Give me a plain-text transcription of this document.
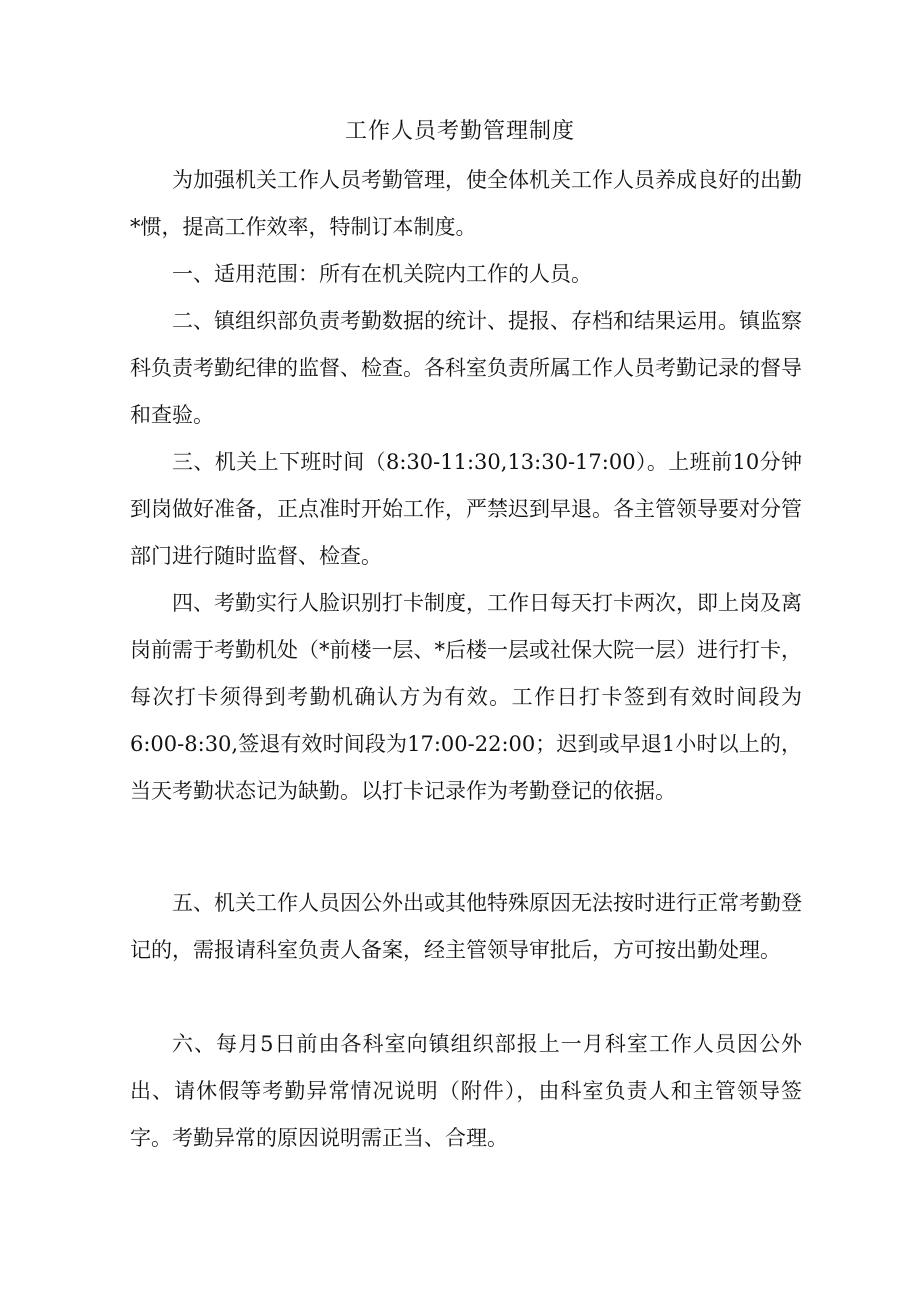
工作人员考勤管理制度

为加强机关工作人员考勤管理，使全体机关工作人员养成良好的出勤*惯，提高工作效率，特制订本制度。

一、适用范围：所有在机关院内工作的人员。

二、镇组织部负责考勤数据的统计、提报、存档和结果运用。镇监察科负责考勤纪律的监督、检查。各科室负责所属工作人员考勤记录的督导和查验。

三、机关上下班时间（8:30-11:30,13:30-17:00）。上班前10分钟到岗做好准备，正点准时开始工作，严禁迟到早退。各主管领导要对分管部门进行随时监督、检查。

四、考勤实行人脸识别打卡制度，工作日每天打卡两次，即上岗及离岗前需于考勤机处（*前楼一层、*后楼一层或社保大院一层）进行打卡，每次打卡须得到考勤机确认方为有效。工作日打卡签到有效时间段为6:00-8:30,签退有效时间段为17:00-22:00；迟到或早退1小时以上的，当天考勤状态记为缺勤。以打卡记录作为考勤登记的依据。

五、机关工作人员因公外出或其他特殊原因无法按时进行正常考勤登记的，需报请科室负责人备案，经主管领导审批后，方可按出勤处理。

六、每月5日前由各科室向镇组织部报上一月科室工作人员因公外出、请休假等考勤异常情况说明（附件），由科室负责人和主管领导签字。考勤异常的原因说明需正当、合理。
